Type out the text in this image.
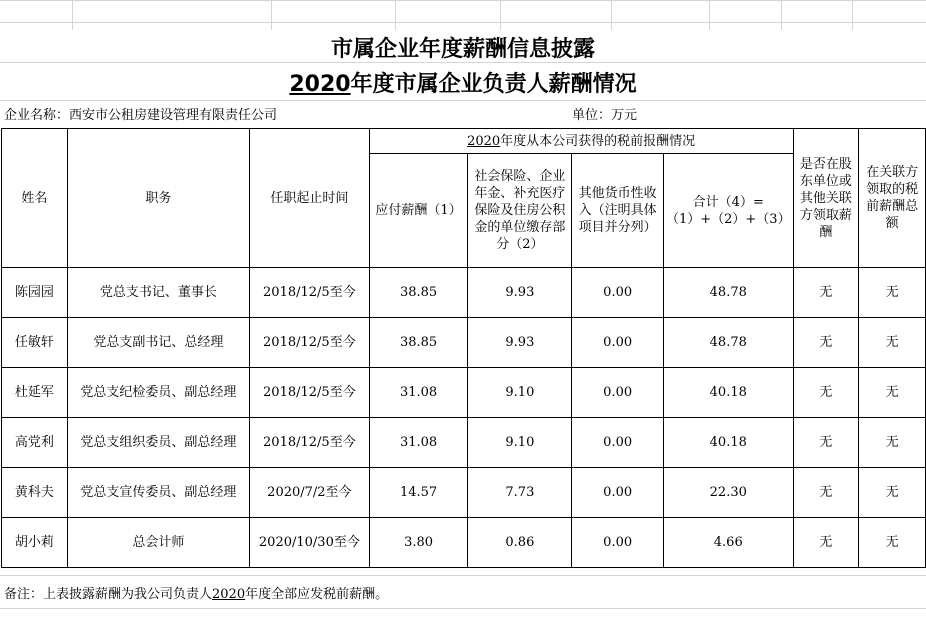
市属企业年度薪酬信息披露
2020年度市属企业负责人薪酬情况
企业名称：西安市公租房建设管理有限责任公司	单位：万元
姓名	职务	任职起止时间	2020年度从本公司获得的税前报酬情况				是否在股东单位或其他关联方领取薪酬	在关联方领取的税前薪酬总额
			应付薪酬（1）	社会保险、企业年金、补充医疗保险及住房公积金的单位缴存部分（2）	其他货币性收入（注明具体项目并分列）	合计（4）=（1）+（2）+（3）		
陈园园	党总支书记、董事长	2018/12/5至今	38.85	9.93	0.00	48.78	无	无
任敏轩	党总支副书记、总经理	2018/12/5至今	38.85	9.93	0.00	48.78	无	无
杜延军	党总支纪检委员、副总经理	2018/12/5至今	31.08	9.10	0.00	40.18	无	无
高党利	党总支组织委员、副总经理	2018/12/5至今	31.08	9.10	0.00	40.18	无	无
黄科夫	党总支宣传委员、副总经理	2020/7/2至今	14.57	7.73	0.00	22.30	无	无
胡小莉	总会计师	2020/10/30至今	3.80	0.86	0.00	4.66	无	无
备注：上表披露薪酬为我公司负责人2020年度全部应发税前薪酬。
